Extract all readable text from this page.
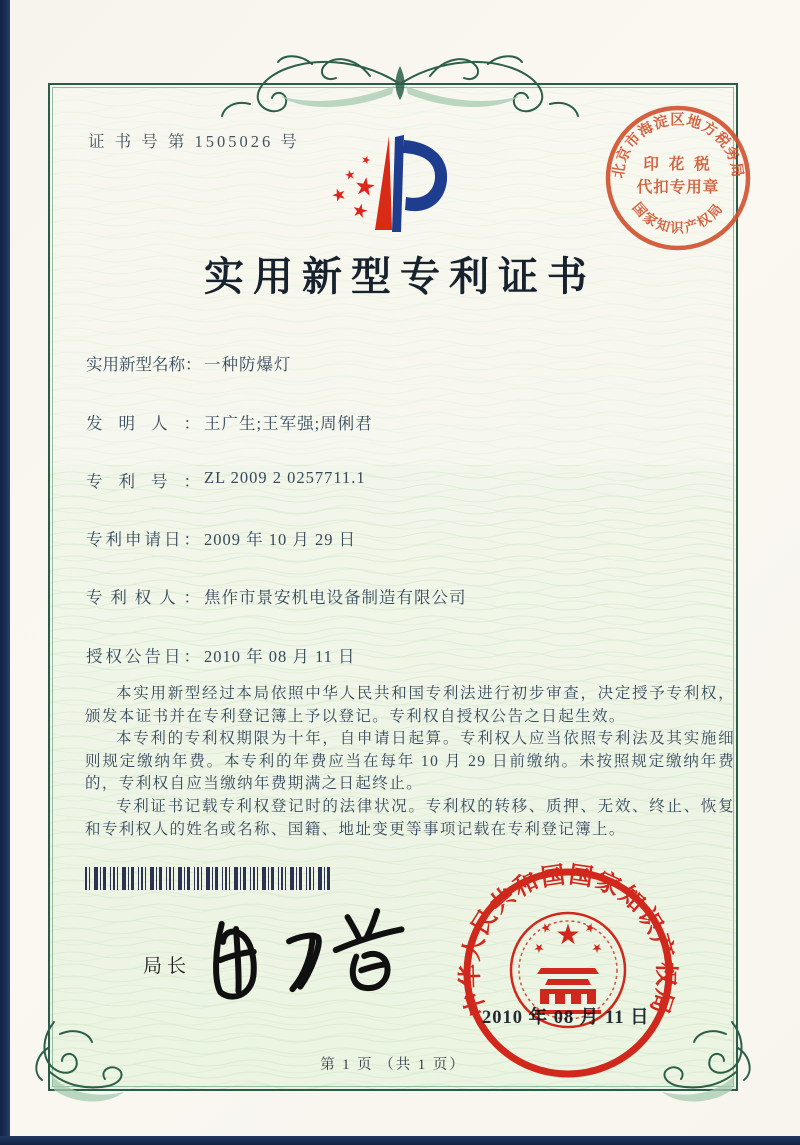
证 书 号 第 1505026 号
实用新型专利证书
实用新型名称： 一种防爆灯
发明人： 王广生;王军强;周俐君
专利号： ZL 2009 2 0257711.1
专利申请日： 2009 年 10 月 29 日
专利权人： 焦作市景安机电设备制造有限公司
授权公告日： 2010 年 08 月 11 日

本实用新型经过本局依照中华人民共和国专利法进行初步审查，决定授予专利权，颁发本证书并在专利登记簿上予以登记。专利权自授权公告之日起生效。

本专利的专利权期限为十年，自申请日起算。专利权人应当依照专利法及其实施细则规定缴纳年费。本专利的年费应当在每年 10 月 29 日前缴纳。未按照规定缴纳年费的，专利权自应当缴纳年费期满之日起终止。

专利证书记载专利权登记时的法律状况。专利权的转移、质押、无效、终止、恢复和专利权人的姓名或名称、国籍、地址变更等事项记载在专利登记簿上。

局长
中华人民共和国国家知识产权局
2010 年 08 月 11 日
北京市海淀区地方税务局
国家知识产权局
印 花 税
代扣专用章
第 1 页 （共 1 页）
